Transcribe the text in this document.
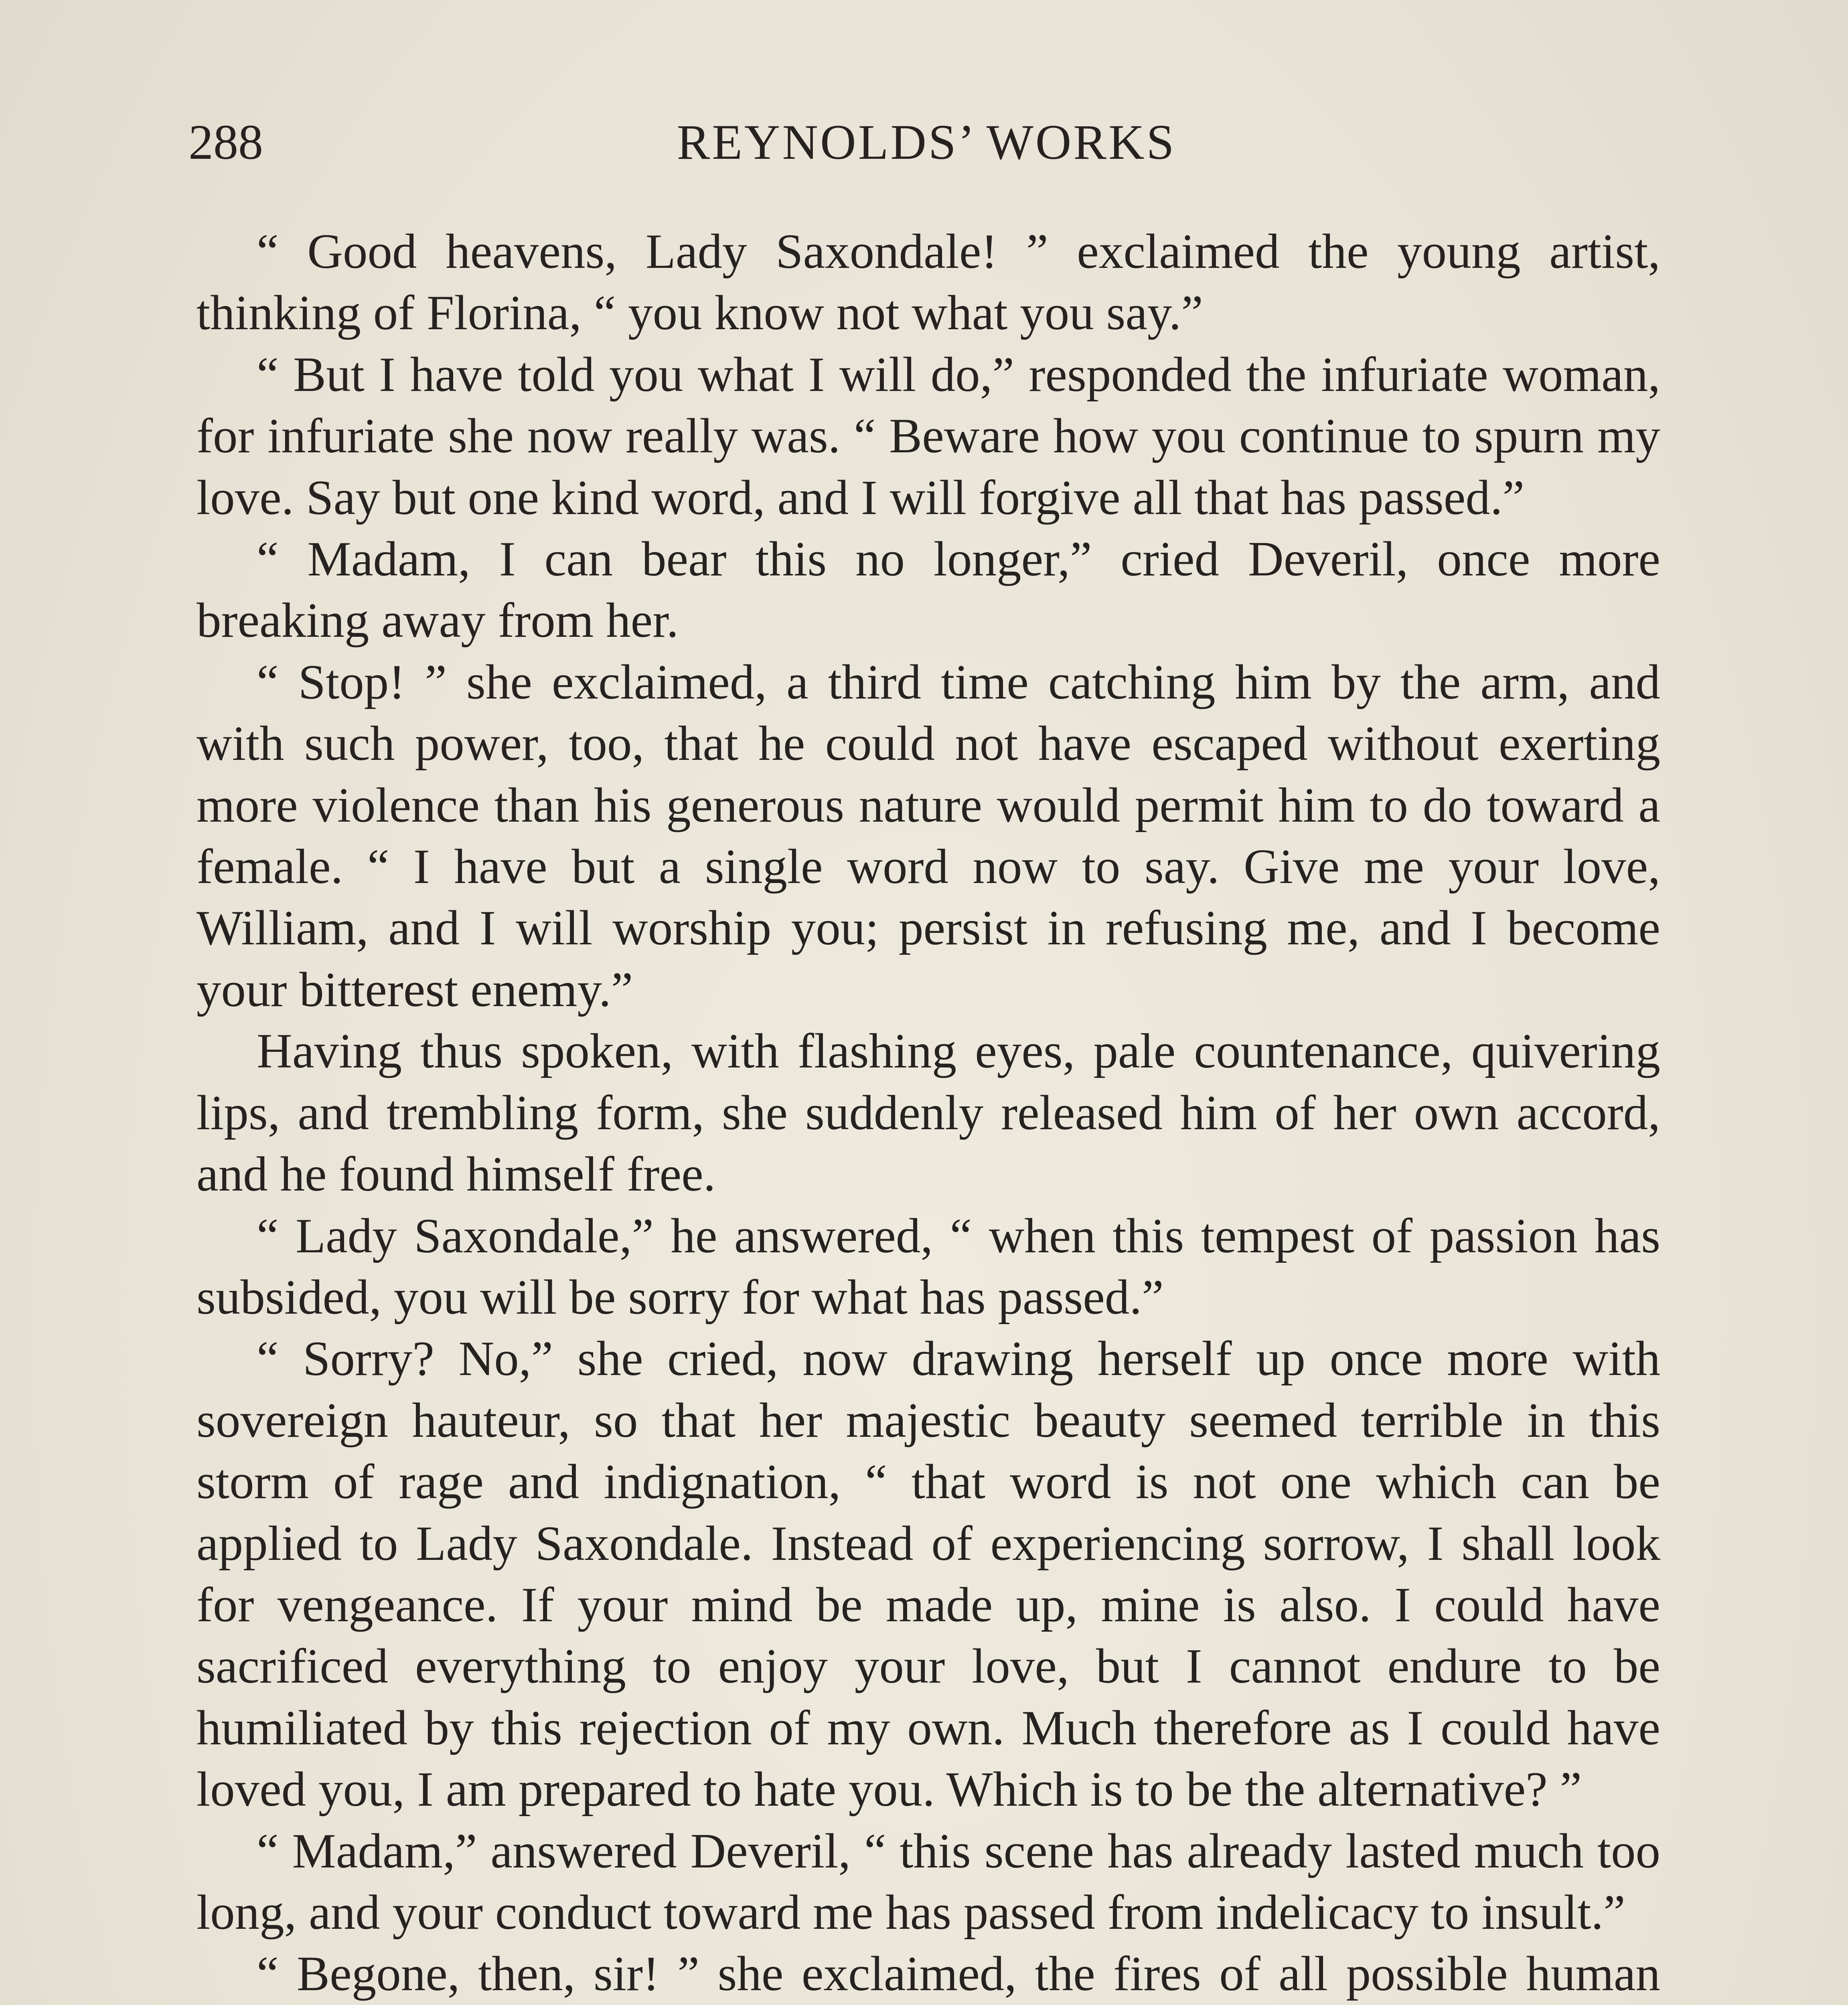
288	REYNOLDS’ WORKS

“ Good heavens, Lady Saxondale! ” exclaimed the young artist, thinking of Florina, “ you know not what you say.”

“ But I have told you what I will do,” responded the infuriate woman, for infuriate she now really was. “ Beware how you continue to spurn my love. Say but one kind word, and I will forgive all that has passed.”

“ Madam, I can bear this no longer,” cried Deveril, once more breaking away from her.

“ Stop! ” she exclaimed, a third time catching him by the arm, and with such power, too, that he could not have escaped without exerting more violence than his generous nature would permit him to do toward a female. “ I have but a single word now to say. Give me your love, William, and I will worship you; persist in refusing me, and I become your bitterest enemy.”

Having thus spoken, with flashing eyes, pale countenance, quivering lips, and trembling form, she suddenly released him of her own accord, and he found himself free.

“ Lady Saxondale,” he answered, “ when this tempest of passion has subsided, you will be sorry for what has passed.”

“ Sorry? No,” she cried, now drawing herself up once more with sovereign hauteur, so that her majestic beauty seemed terrible in this storm of rage and indignation, “ that word is not one which can be applied to Lady Saxondale. Instead of experiencing sorrow, I shall look for vengeance. If your mind be made up, mine is also. I could have sacrificed everything to enjoy your love, but I cannot endure to be humiliated by this rejection of my own. Much therefore as I could have loved you, I am prepared to hate you. Which is to be the alternative? ”

“ Madam,” answered Deveril, “ this scene has already lasted much too long, and your conduct toward me has passed from indelicacy to insult.”

“ Begone, then, sir! ” she exclaimed, the fires of all possible human
